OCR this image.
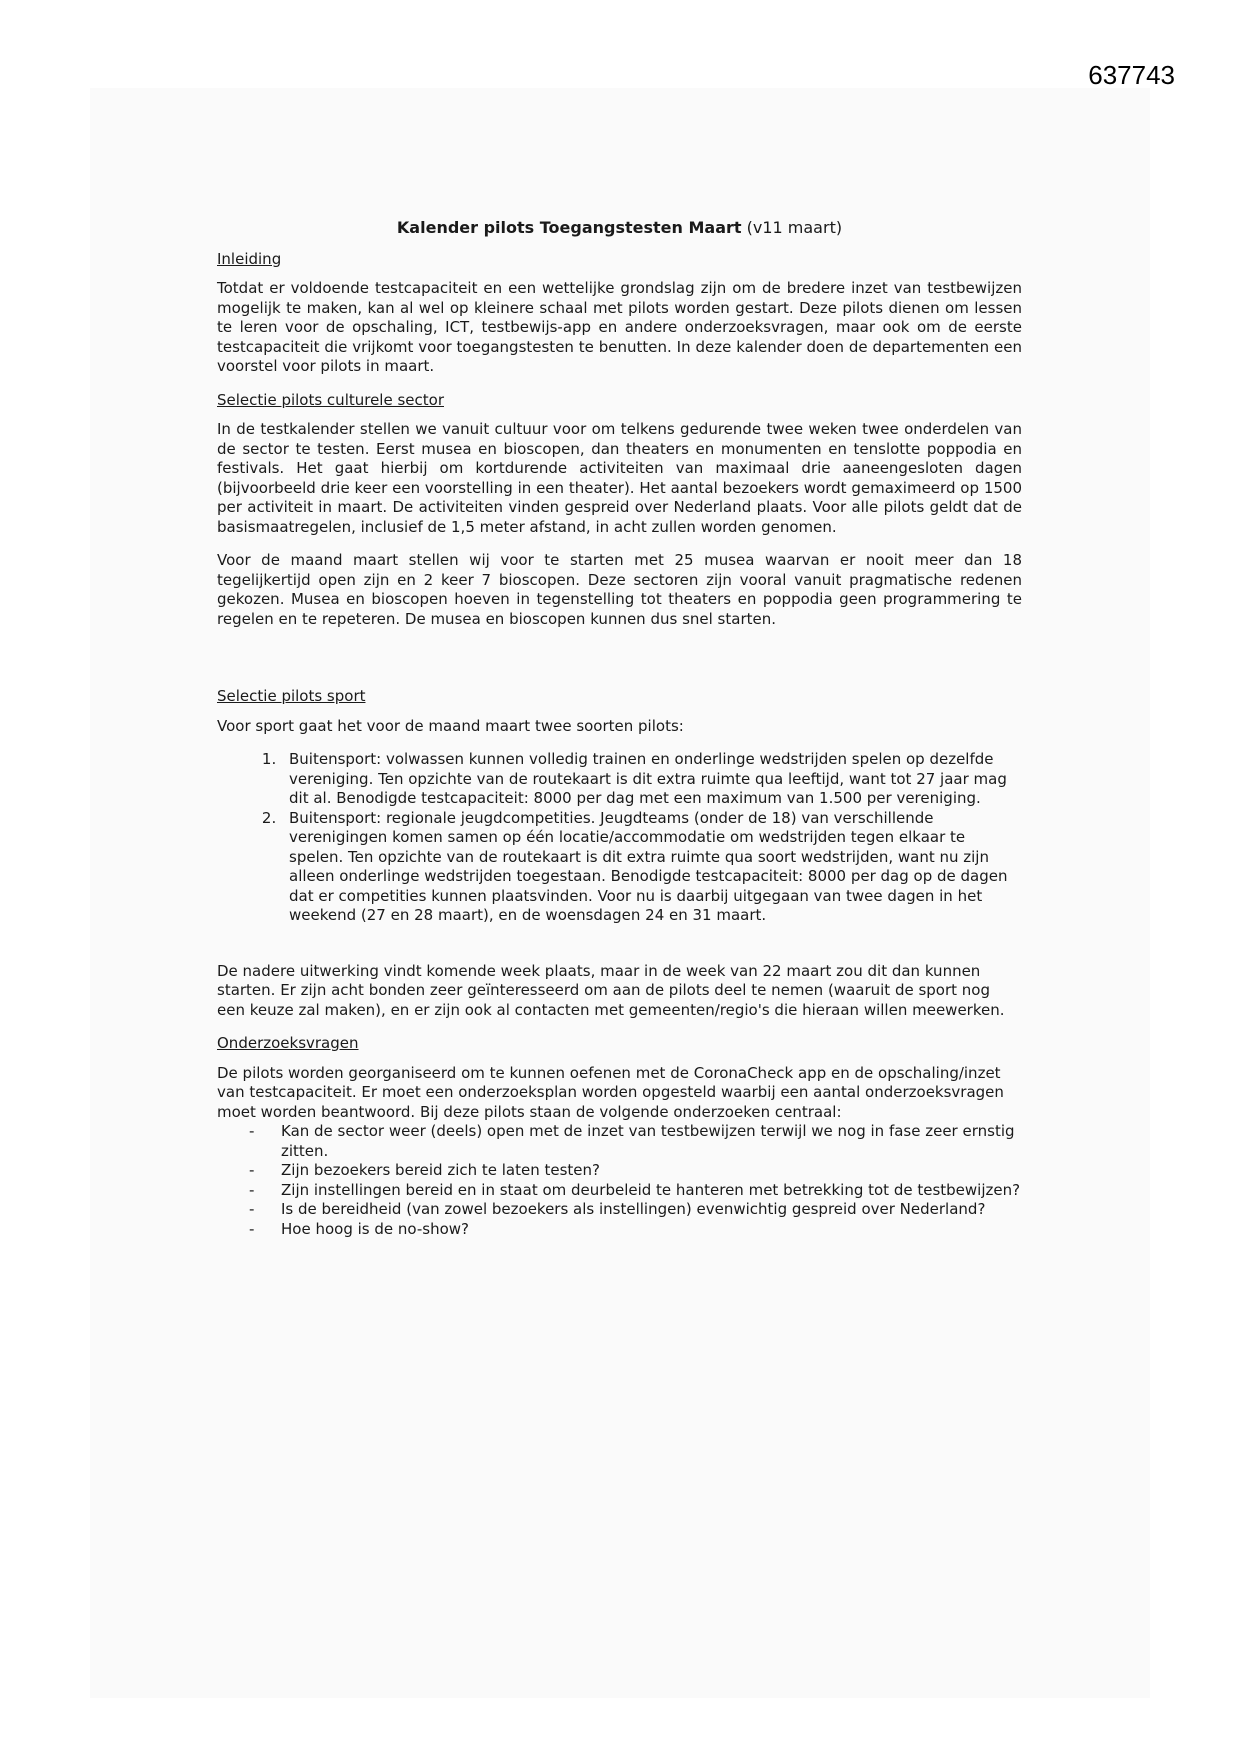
637743
Kalender pilots Toegangstesten Maart (v11 maart)
Inleiding

Totdat er voldoende testcapaciteit en een wettelijke grondslag zijn om de bredere inzet van testbewijzen mogelijk te maken, kan al wel op kleinere schaal met pilots worden gestart. Deze pilots dienen om lessen te leren voor de opschaling, ICT, testbewijs-app en andere onderzoeksvragen, maar ook om de eerste testcapaciteit die vrijkomt voor toegangstesten te benutten. In deze kalender doen de departementen een voorstel voor pilots in maart.

Selectie pilots culturele sector

In de testkalender stellen we vanuit cultuur voor om telkens gedurende twee weken twee onderdelen van de sector te testen. Eerst musea en bioscopen, dan theaters en monumenten en tenslotte poppodia en festivals. Het gaat hierbij om kortdurende activiteiten van maximaal drie aaneengesloten dagen (bijvoorbeeld drie keer een voorstelling in een theater). Het aantal bezoekers wordt gemaximeerd op 1500 per activiteit in maart. De activiteiten vinden gespreid over Nederland plaats. Voor alle pilots geldt dat de basismaatregelen, inclusief de 1,5 meter afstand, in acht zullen worden genomen.

Voor de maand maart stellen wij voor te starten met 25 musea waarvan er nooit meer dan 18 tegelijkertijd open zijn en 2 keer 7 bioscopen. Deze sectoren zijn vooral vanuit pragmatische redenen gekozen. Musea en bioscopen hoeven in tegenstelling tot theaters en poppodia geen programmering te regelen en te repeteren. De musea en bioscopen kunnen dus snel starten.

Selectie pilots sport

Voor sport gaat het voor de maand maart twee soorten pilots:

1. Buitensport: volwassen kunnen volledig trainen en onderlinge wedstrijden spelen op dezelfde vereniging. Ten opzichte van de routekaart is dit extra ruimte qua leeftijd, want tot 27 jaar mag dit al. Benodigde testcapaciteit: 8000 per dag met een maximum van 1.500 per vereniging.
2. Buitensport: regionale jeugdcompetities. Jeugdteams (onder de 18) van verschillende verenigingen komen samen op één locatie/accommodatie om wedstrijden tegen elkaar te spelen. Ten opzichte van de routekaart is dit extra ruimte qua soort wedstrijden, want nu zijn alleen onderlinge wedstrijden toegestaan. Benodigde testcapaciteit: 8000 per dag op de dagen dat er competities kunnen plaatsvinden. Voor nu is daarbij uitgegaan van twee dagen in het weekend (27 en 28 maart), en de woensdagen 24 en 31 maart.

De nadere uitwerking vindt komende week plaats, maar in de week van 22 maart zou dit dan kunnen starten. Er zijn acht bonden zeer geïnteresseerd om aan de pilots deel te nemen (waaruit de sport nog een keuze zal maken), en er zijn ook al contacten met gemeenten/regio's die hieraan willen meewerken.

Onderzoeksvragen

De pilots worden georganiseerd om te kunnen oefenen met de CoronaCheck app en de opschaling/inzet van testcapaciteit. Er moet een onderzoeksplan worden opgesteld waarbij een aantal onderzoeksvragen moet worden beantwoord. Bij deze pilots staan de volgende onderzoeken centraal:

- Kan de sector weer (deels) open met de inzet van testbewijzen terwijl we nog in fase zeer ernstig zitten.
- Zijn bezoekers bereid zich te laten testen?
- Zijn instellingen bereid en in staat om deurbeleid te hanteren met betrekking tot de testbewijzen?
- Is de bereidheid (van zowel bezoekers als instellingen) evenwichtig gespreid over Nederland?
- Hoe hoog is de no-show?
